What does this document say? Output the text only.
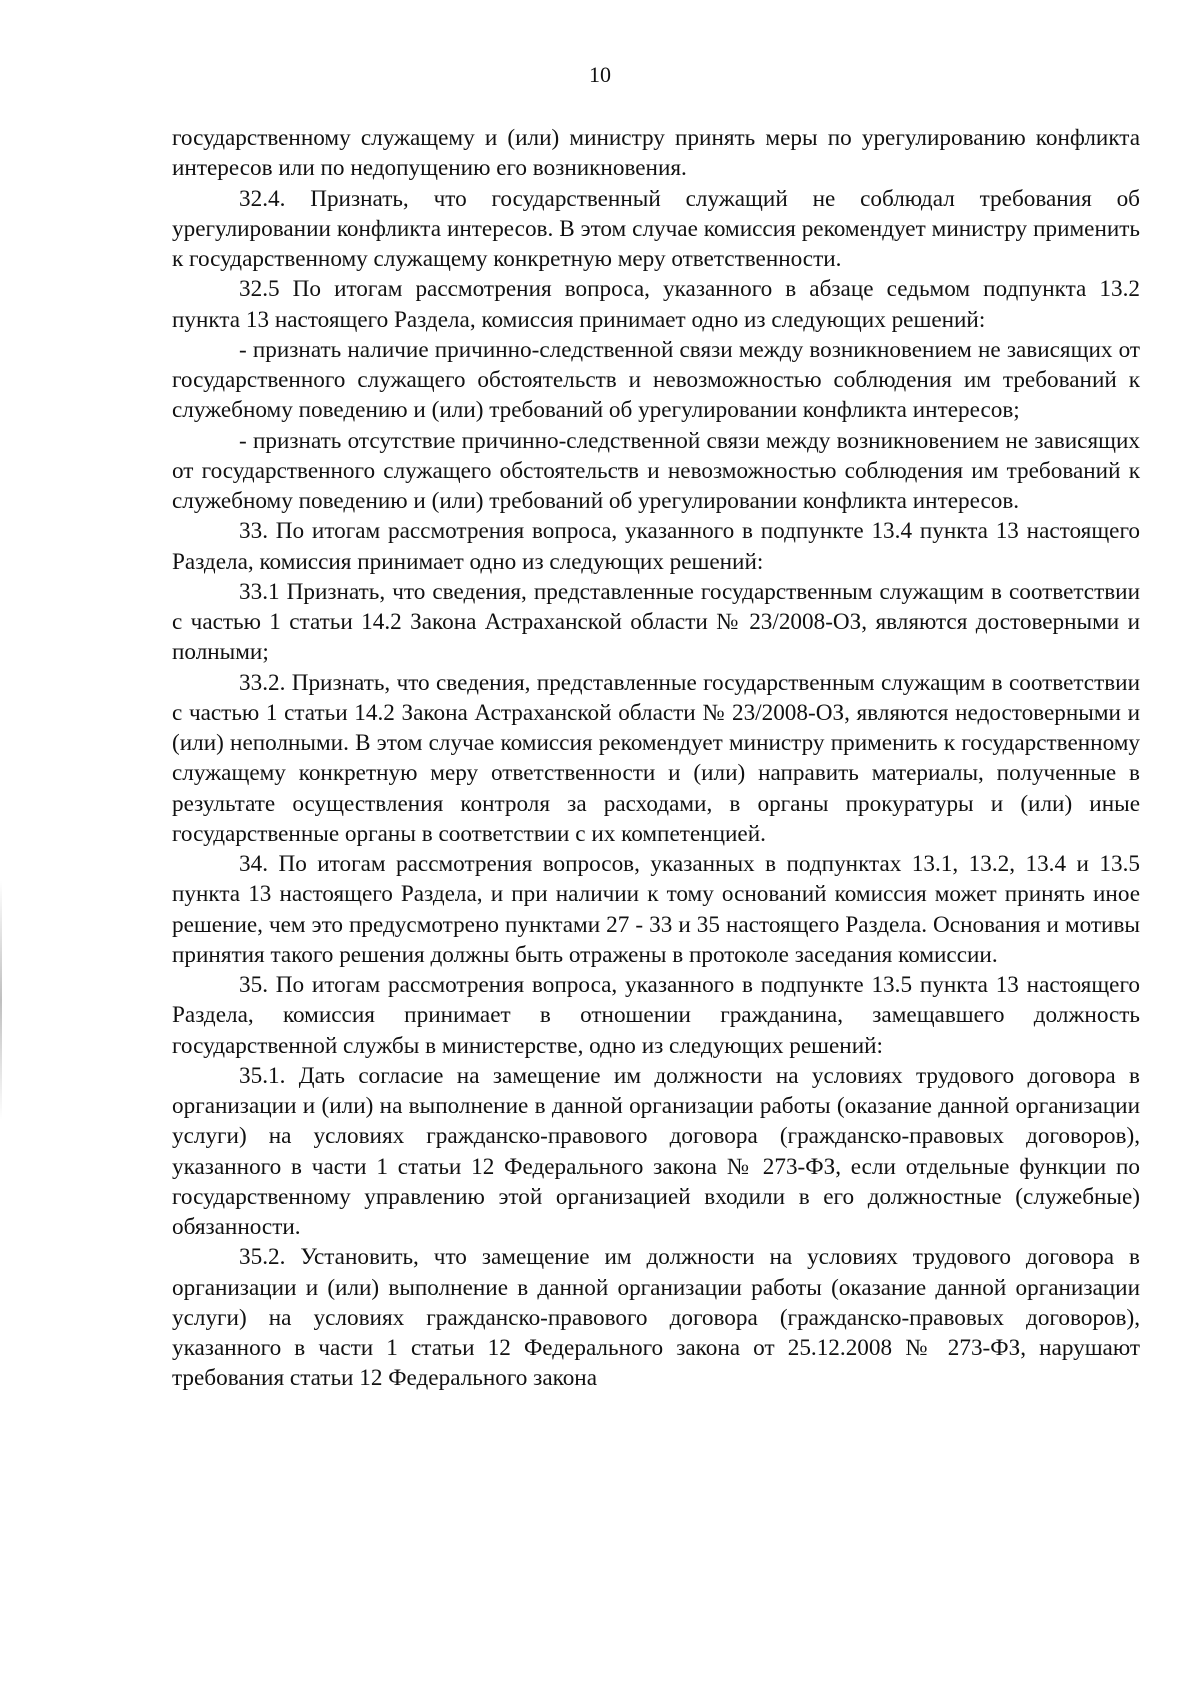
10

государственному служащему и (или) министру принять меры по урегулированию конфликта интересов или по недопущению его возникновения.

32.4. Признать, что государственный служащий не соблюдал требования об урегулировании конфликта интересов. В этом случае комиссия рекомендует министру применить к государственному служащему конкретную меру ответственности.

32.5 По итогам рассмотрения вопроса, указанного в абзаце седьмом подпункта 13.2 пункта 13 настоящего Раздела, комиссия принимает одно из следующих решений:

- признать наличие причинно-следственной связи между возникновением не зависящих от государственного служащего обстоятельств и невозможностью соблюдения им требований к служебному поведению и (или) требований об урегулировании конфликта интересов;

- признать отсутствие причинно-следственной связи между возникновением не зависящих от государственного служащего обстоятельств и невозможностью соблюдения им требований к служебному поведению и (или) требований об урегулировании конфликта интересов.

33. По итогам рассмотрения вопроса, указанного в подпункте 13.4 пункта 13 настоящего Раздела, комиссия принимает одно из следующих решений:

33.1 Признать, что сведения, представленные государственным служащим в соответствии с частью 1 статьи 14.2 Закона Астраханской области № 23/2008-ОЗ, являются достоверными и полными;

33.2. Признать, что сведения, представленные государственным служащим в соответствии с частью 1 статьи 14.2 Закона Астраханской области № 23/2008-ОЗ, являются недостоверными и (или) неполными. В этом случае комиссия рекомендует министру применить к государственному служащему конкретную меру ответственности и (или) направить материалы, полученные в результате осуществления контроля за расходами, в органы прокуратуры и (или) иные государственные органы в соответствии с их компетенцией.

34. По итогам рассмотрения вопросов, указанных в подпунктах 13.1, 13.2, 13.4 и 13.5 пункта 13 настоящего Раздела, и при наличии к тому оснований комиссия может принять иное решение, чем это предусмотрено пунктами 27 - 33 и 35 настоящего Раздела. Основания и мотивы принятия такого решения должны быть отражены в протоколе заседания комиссии.

35. По итогам рассмотрения вопроса, указанного в подпункте 13.5 пункта 13 настоящего Раздела, комиссия принимает в отношении гражданина, замещавшего должность государственной службы в министерстве, одно из следующих решений:

35.1. Дать согласие на замещение им должности на условиях трудового договора в организации и (или) на выполнение в данной организации работы (оказание данной организации услуги) на условиях гражданско-правового договора (гражданско-правовых договоров), указанного в части 1 статьи 12 Федерального закона № 273-ФЗ, если отдельные функции по государственному управлению этой организацией входили в его должностные (служебные) обязанности.

35.2. Установить, что замещение им должности на условиях трудового договора в организации и (или) выполнение в данной организации работы (оказание данной организации услуги) на условиях гражданско-правового договора (гражданско-правовых договоров), указанного в части 1 статьи 12 Федерального закона от 25.12.2008 № 273-ФЗ, нарушают требования статьи 12 Федерального закона
